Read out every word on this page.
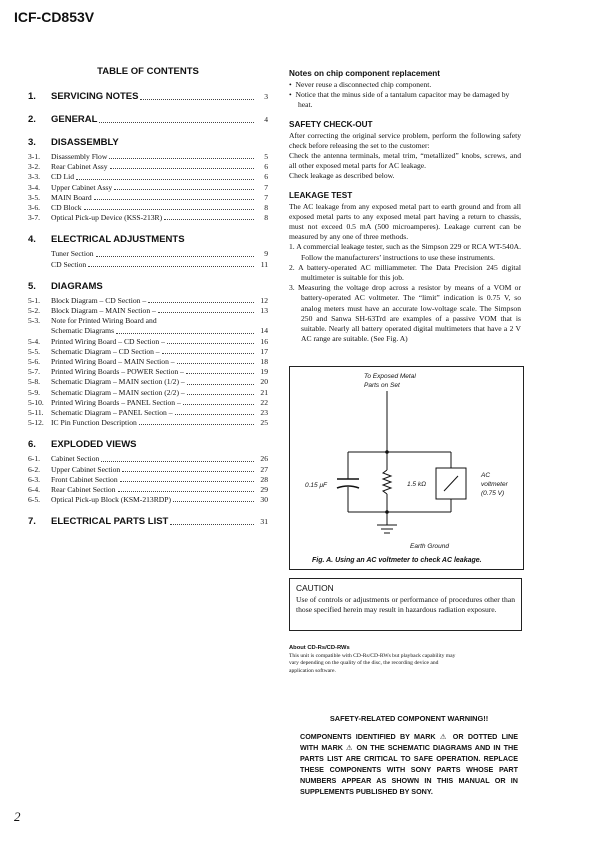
ICF-CD853V
TABLE OF CONTENTS
1.	SERVICING NOTES	3
2.	GENERAL	4
3.	DISASSEMBLY
3-1.	Disassembly Flow	5
3-2.	Rear Cabinet Assy	6
3-3.	CD Lid	6
3-4.	Upper Cabinet Assy	7
3-5.	MAIN Board	7
3-6.	CD Block	8
3-7.	Optical Pick-up Device (KSS-213R)	8
4.	ELECTRICAL ADJUSTMENTS
Tuner Section	9
CD Section	11
5.	DIAGRAMS
5-1.	Block Diagram – CD Section –	12
5-2.	Block Diagram – MAIN Section –	13
5-3.	Note for Printed Wiring Board and
Schematic Diagrams	14
5-4.	Printed Wiring Board – CD Section –	16
5-5.	Schematic Diagram – CD Section –	17
5-6.	Printed Wiring Board – MAIN Section –	18
5-7.	Printed Wiring Boards – POWER Section –	19
5-8.	Schematic Diagram – MAIN section (1/2) –	20
5-9.	Schematic Diagram – MAIN section (2/2) –	21
5-10. Printed Wiring Boards – PANEL Section –	22
5-11. Schematic Diagram – PANEL Section –	23
5-12. IC Pin Function Description	25
6.	EXPLODED VIEWS
6-1.	Cabinet Section	26
6-2.	Upper Cabinet Section	27
6-3.	Front Cabinet Section	28
6-4.	Rear Cabinet Section	29
6-5.	Optical Pick-up Block (KSM-213RDP)	30
7.	ELECTRICAL PARTS LIST	31
Notes on chip component replacement
•  Never reuse a disconnected chip component.
•  Notice that the minus side of a tantalum capacitor may be damaged by heat.
SAFETY CHECK-OUT
After correcting the original service problem, perform the following safety check before releasing the set to the customer:
Check the antenna terminals, metal trim, “metallized” knobs, screws, and all other exposed metal parts for AC leakage.
Check leakage as described below.
LEAKAGE TEST
The AC leakage from any exposed metal part to earth ground and from all exposed metal parts to any exposed metal part having a return to chassis, must not exceed 0.5 mA (500 microamperes). Leakage current can be measured by any one of three methods.
1. A commercial leakage tester, such as the Simpson 229 or RCA WT-540A. Follow the manufacturers’ instructions to use these instruments.
2. A battery-operated AC milliammeter. The Data Precision 245 digital multimeter is suitable for this job.
3. Measuring the voltage drop across a resistor by means of a VOM or battery-operated AC voltmeter. The “limit” indication is 0.75 V, so analog meters must have an accurate low-voltage scale. The Simpson 250 and Sanwa SH-63Trd are examples of a passive VOM that is suitable. Nearly all battery operated digital multimeters that have a 2 V AC range are suitable. (See Fig. A)
To Exposed Metal
Parts on Set
0.15 μF	1.5 kΩ
AC
voltmeter
(0.75 V)
Earth Ground
Fig. A. Using an AC voltmeter to check AC leakage.
CAUTION
Use of controls or adjustments or performance of procedures other than those specified herein may result in hazardous radiation exposure.
About CD-Rs/CD-RWs
This unit is compatible with CD-Rs/CD-RWs but playback capability may vary depending on the quality of the disc, the recording device and application software.
SAFETY-RELATED COMPONENT WARNING!!
COMPONENTS IDENTIFIED BY MARK ⚠ OR DOTTED LINE WITH MARK ⚠ ON THE SCHEMATIC DIAGRAMS AND IN THE PARTS LIST ARE CRITICAL TO SAFE OPERATION. REPLACE THESE COMPONENTS WITH SONY PARTS WHOSE PART NUMBERS APPEAR AS SHOWN IN THIS MANUAL OR IN SUPPLEMENTS PUBLISHED BY SONY.
2
